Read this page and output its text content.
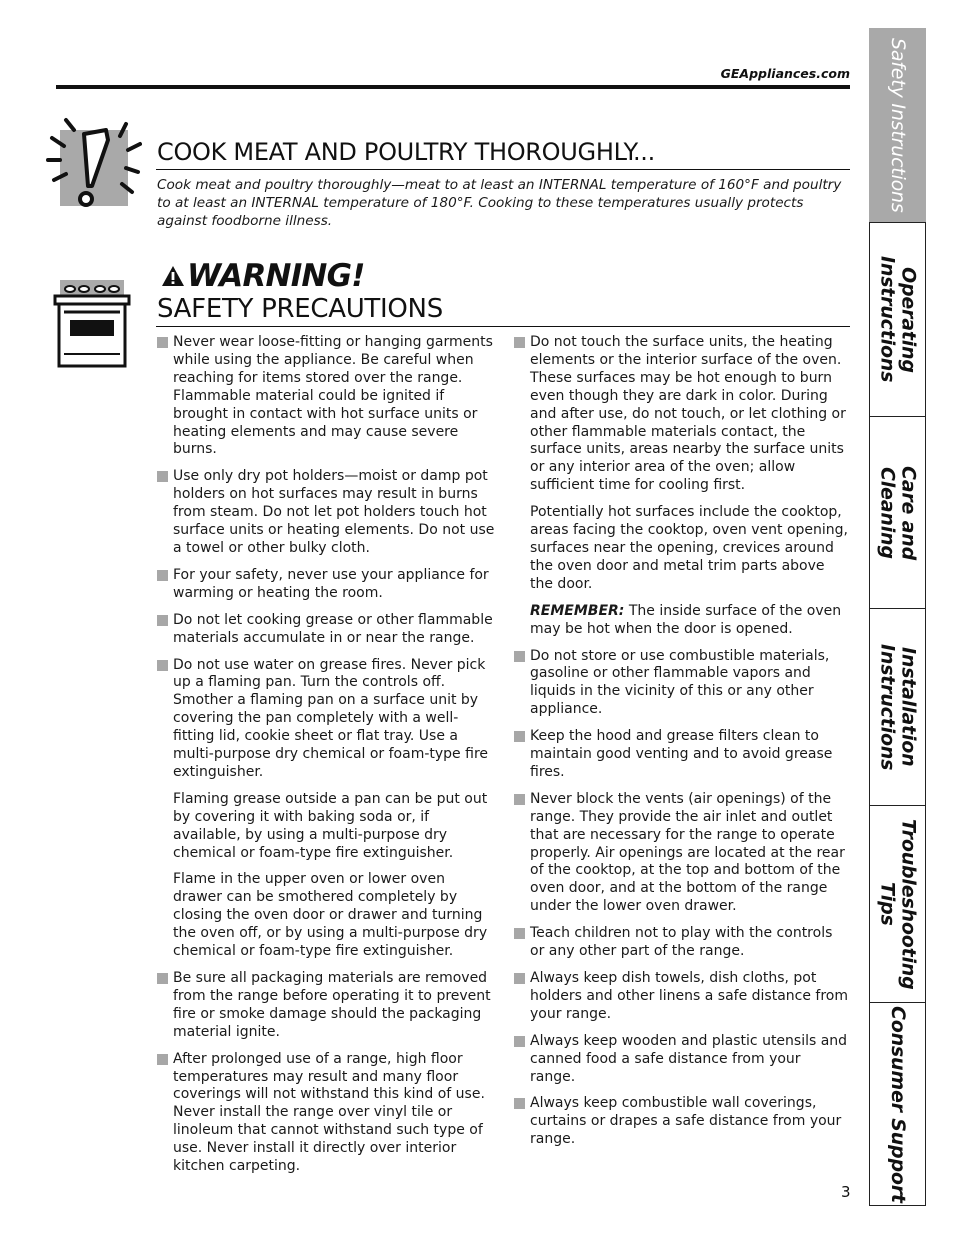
GEAppliances.com
COOK MEAT AND POULTRY THOROUGHLY...

Cook meat and poultry thoroughly—meat to at least an INTERNAL temperature of 160°F and poultry to at least an INTERNAL temperature of 180°F. Cooking to these temperatures usually protects against foodborne illness.

WARNING!
SAFETY PRECAUTIONS

Never wear loose-fitting or hanging garments while using the appliance. Be careful when reaching for items stored over the range. Flammable material could be ignited if brought in contact with hot surface units or heating elements and may cause severe burns.

Use only dry pot holders—moist or damp pot holders on hot surfaces may result in burns from steam. Do not let pot holders touch hot surface units or heating elements. Do not use a towel or other bulky cloth.

For your safety, never use your appliance for warming or heating the room.

Do not let cooking grease or other flammable materials accumulate in or near the range.

Do not use water on grease fires. Never pick up a flaming pan. Turn the controls off. Smother a flaming pan on a surface unit by covering the pan completely with a well-fitting lid, cookie sheet or flat tray. Use a multi-purpose dry chemical or foam-type fire extinguisher.

Flaming grease outside a pan can be put out by covering it with baking soda or, if available, by using a multi-purpose dry chemical or foam-type fire extinguisher.

Flame in the upper oven or lower oven drawer can be smothered completely by closing the oven door or drawer and turning the oven off, or by using a multi-purpose dry chemical or foam-type fire extinguisher.

Be sure all packaging materials are removed from the range before operating it to prevent fire or smoke damage should the packaging material ignite.

After prolonged use of a range, high floor temperatures may result and many floor coverings will not withstand this kind of use. Never install the range over vinyl tile or linoleum that cannot withstand such type of use. Never install it directly over interior kitchen carpeting.

Do not touch the surface units, the heating elements or the interior surface of the oven. These surfaces may be hot enough to burn even though they are dark in color. During and after use, do not touch, or let clothing or other flammable materials contact, the surface units, areas nearby the surface units or any interior area of the oven; allow sufficient time for cooling first.

Potentially hot surfaces include the cooktop, areas facing the cooktop, oven vent opening, surfaces near the opening, crevices around the oven door and metal trim parts above the door.

REMEMBER: The inside surface of the oven may be hot when the door is opened.

Do not store or use combustible materials, gasoline or other flammable vapors and liquids in the vicinity of this or any other appliance.

Keep the hood and grease filters clean to maintain good venting and to avoid grease fires.

Never block the vents (air openings) of the range. They provide the air inlet and outlet that are necessary for the range to operate properly. Air openings are located at the rear of the cooktop, at the top and bottom of the oven door, and at the bottom of the range under the lower oven drawer.

Teach children not to play with the controls or any other part of the range.

Always keep dish towels, dish cloths, pot holders and other linens a safe distance from your range.

Always keep wooden and plastic utensils and canned food a safe distance from your range.

Always keep combustible wall coverings, curtains or drapes a safe distance from your range.

Safety Instructions
Operating
Instructions
Care and Cleaning
Installation
Instructions
Troubleshooting
Tips
Consumer Support
3
